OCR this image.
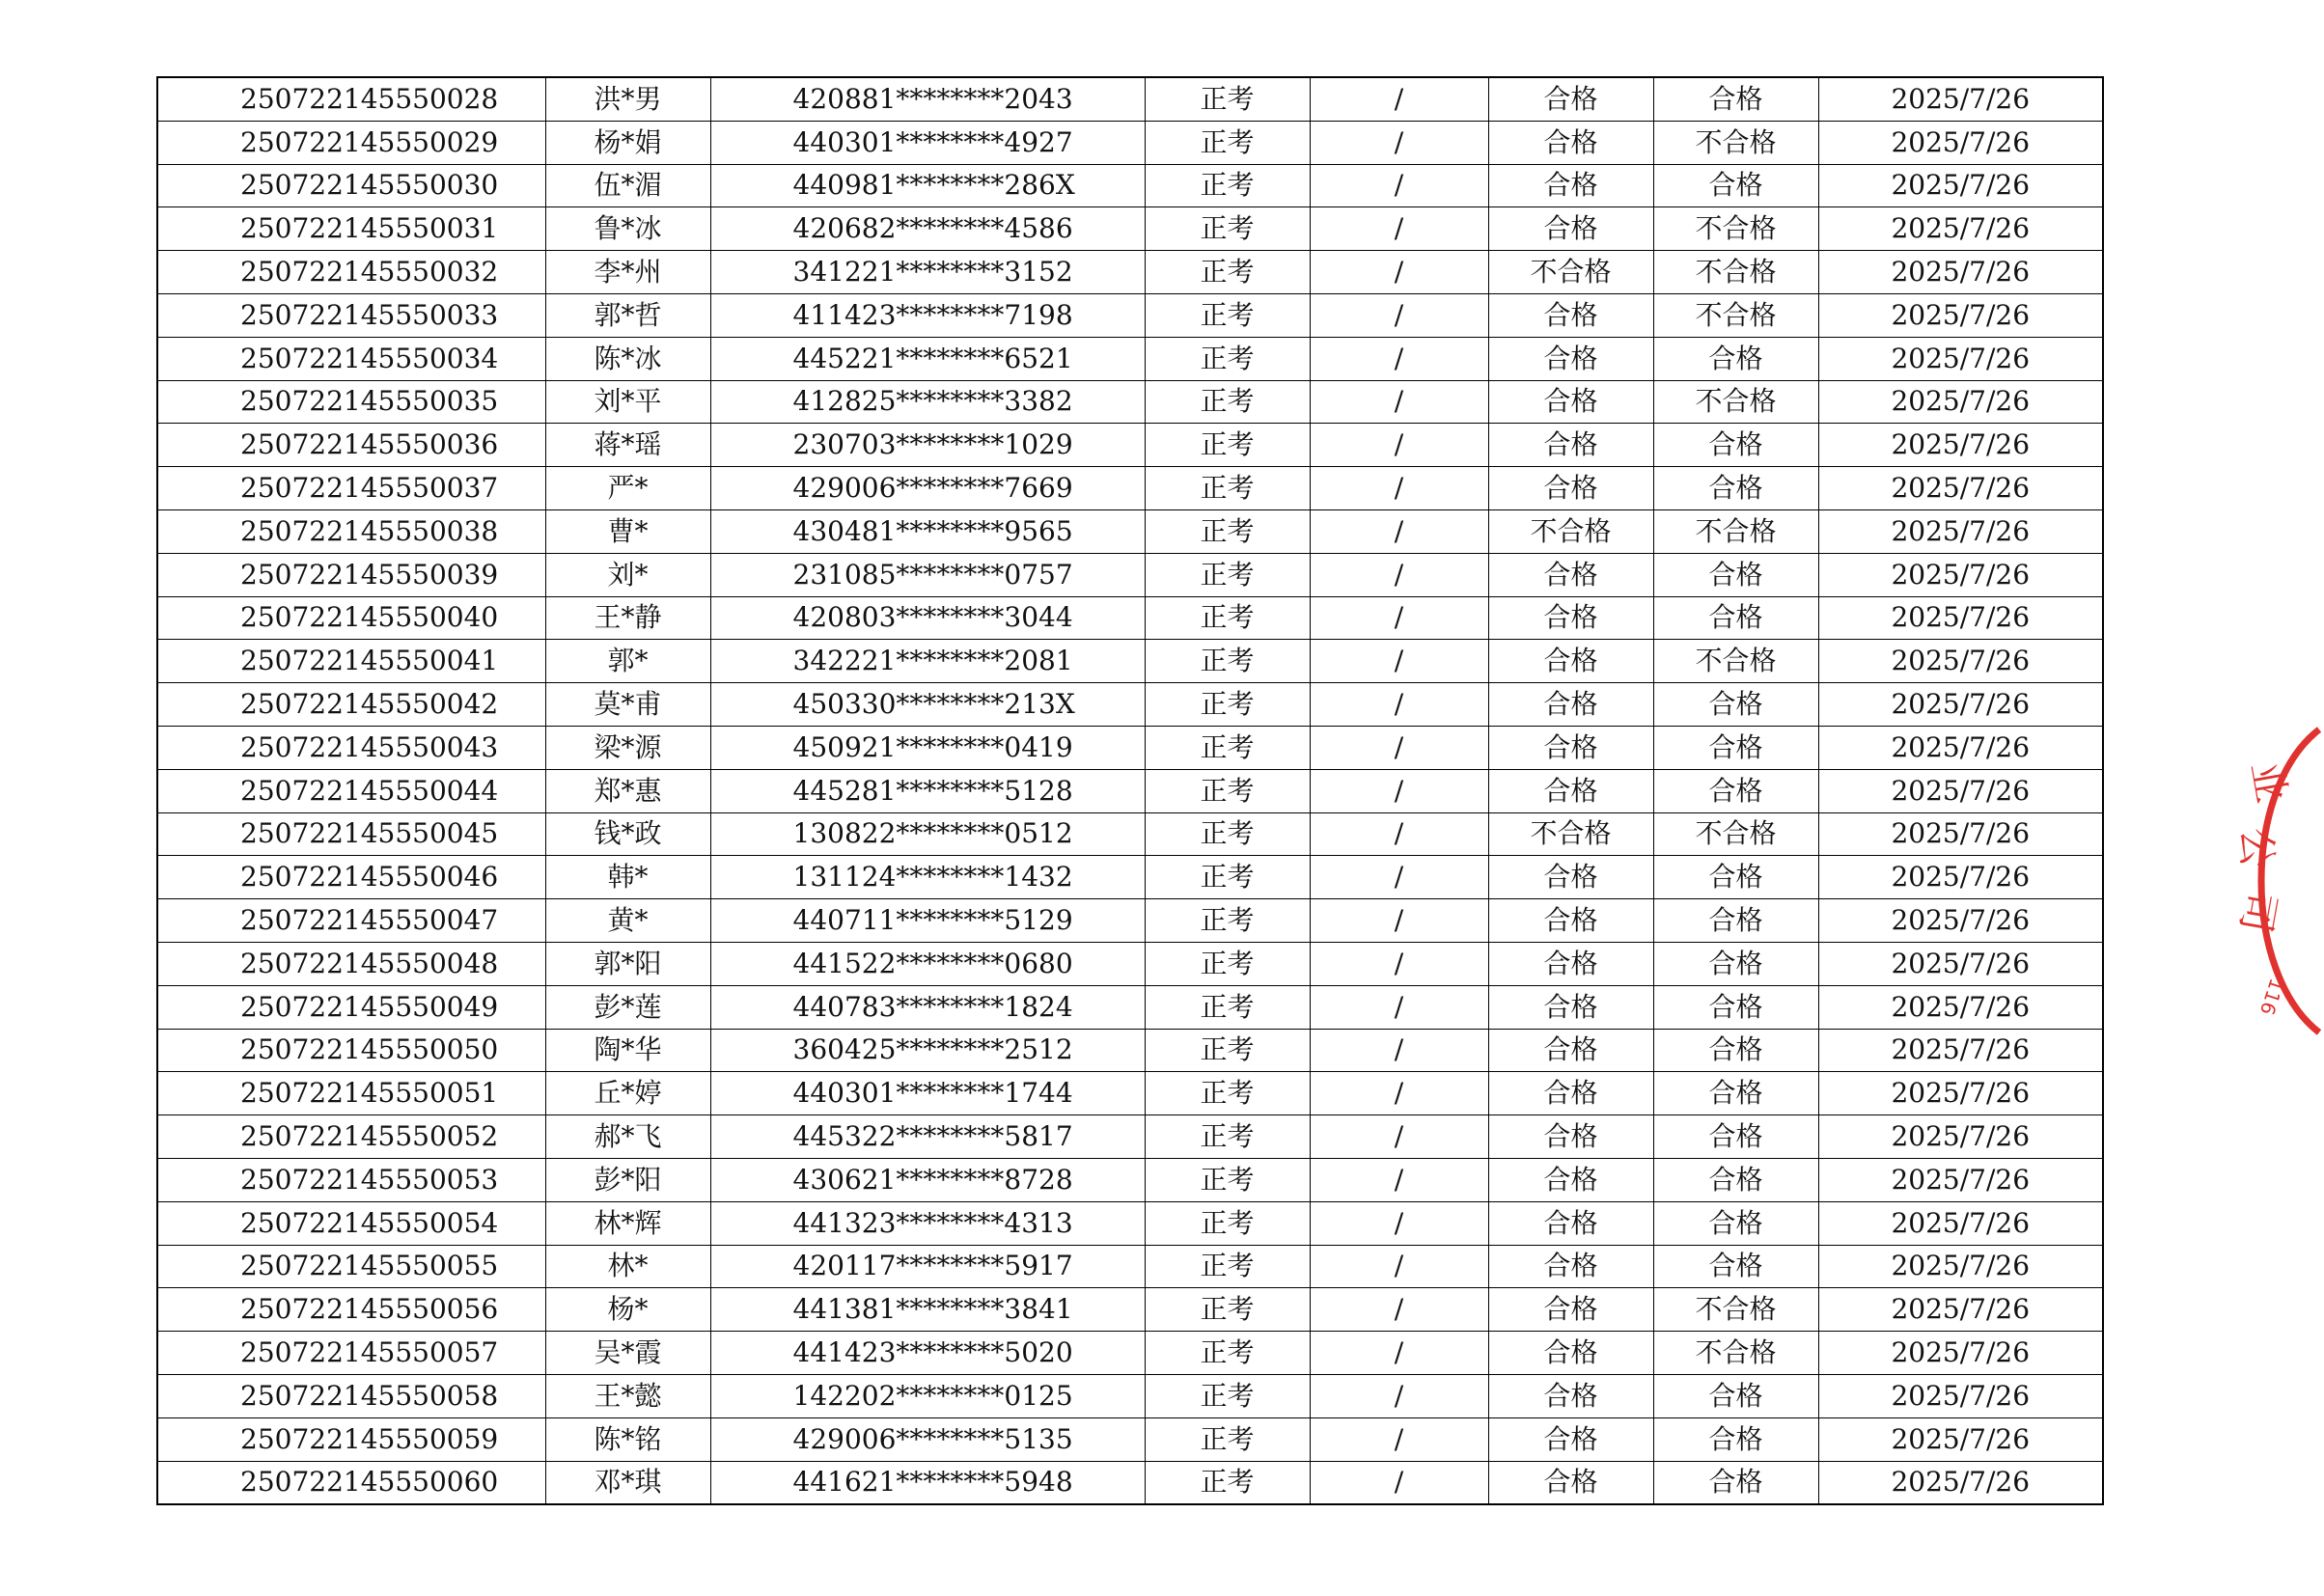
250722145550028	洪*男	420881********2043	正考	/	合格	合格	2025/7/26
250722145550029	杨*娟	440301********4927	正考	/	合格	不合格	2025/7/26
250722145550030	伍*湄	440981********286X	正考	/	合格	合格	2025/7/26
250722145550031	鲁*冰	420682********4586	正考	/	合格	不合格	2025/7/26
250722145550032	李*州	341221********3152	正考	/	不合格	不合格	2025/7/26
250722145550033	郭*哲	411423********7198	正考	/	合格	不合格	2025/7/26
250722145550034	陈*冰	445221********6521	正考	/	合格	合格	2025/7/26
250722145550035	刘*平	412825********3382	正考	/	合格	不合格	2025/7/26
250722145550036	蒋*瑶	230703********1029	正考	/	合格	合格	2025/7/26
250722145550037	严*	429006********7669	正考	/	合格	合格	2025/7/26
250722145550038	曹*	430481********9565	正考	/	不合格	不合格	2025/7/26
250722145550039	刘*	231085********0757	正考	/	合格	合格	2025/7/26
250722145550040	王*静	420803********3044	正考	/	合格	合格	2025/7/26
250722145550041	郭*	342221********2081	正考	/	合格	不合格	2025/7/26
250722145550042	莫*甫	450330********213X	正考	/	合格	合格	2025/7/26
250722145550043	梁*源	450921********0419	正考	/	合格	合格	2025/7/26
250722145550044	郑*惠	445281********5128	正考	/	合格	合格	2025/7/26
250722145550045	钱*政	130822********0512	正考	/	不合格	不合格	2025/7/26
250722145550046	韩*	131124********1432	正考	/	合格	合格	2025/7/26
250722145550047	黄*	440711********5129	正考	/	合格	合格	2025/7/26
250722145550048	郭*阳	441522********0680	正考	/	合格	合格	2025/7/26
250722145550049	彭*莲	440783********1824	正考	/	合格	合格	2025/7/26
250722145550050	陶*华	360425********2512	正考	/	合格	合格	2025/7/26
250722145550051	丘*婷	440301********1744	正考	/	合格	合格	2025/7/26
250722145550052	郝*飞	445322********5817	正考	/	合格	合格	2025/7/26
250722145550053	彭*阳	430621********8728	正考	/	合格	合格	2025/7/26
250722145550054	林*辉	441323********4313	正考	/	合格	合格	2025/7/26
250722145550055	林*	420117********5917	正考	/	合格	合格	2025/7/26
250722145550056	杨*	441381********3841	正考	/	合格	不合格	2025/7/26
250722145550057	吴*霞	441423********5020	正考	/	合格	不合格	2025/7/26
250722145550058	王*懿	142202********0125	正考	/	合格	合格	2025/7/26
250722145550059	陈*铭	429006********5135	正考	/	合格	合格	2025/7/26
250722145550060	邓*琪	441621********5948	正考	/	合格	合格	2025/7/26
业
公
司
116
